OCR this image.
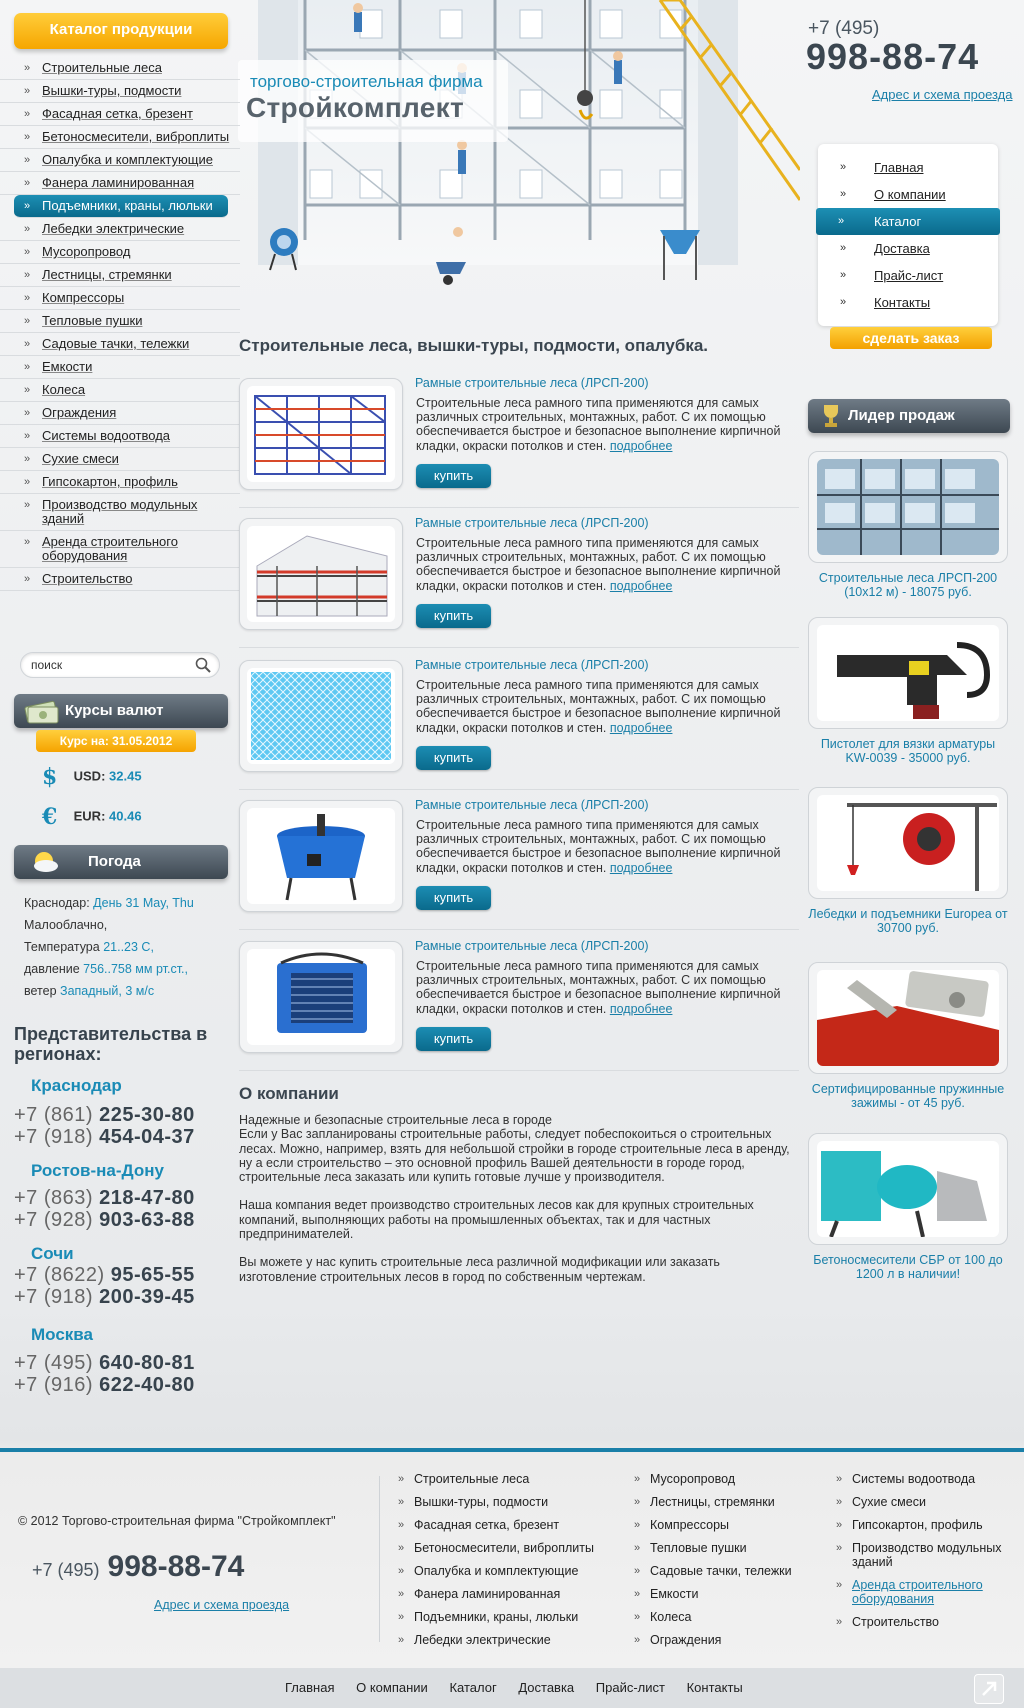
торгово-строительная фирма
Стройкомплект
+7 (495)
998-88-74
Адрес и схема проезда
» Главная
» О компании
» Каталог
» Доставка
» Прайс-лист
» Контакты
сделать заказ
Каталог продукции
» Строительные леса
» Вышки-туры, подмости
» Фасадная сетка, брезент
» Бетоносмесители, виброплиты
» Опалубка и комплектующие
» Фанера ламинированная
» Подъемники, краны, люльки
» Лебедки электрические
» Мусоропровод
» Лестницы, стремянки
» Компрессоры
» Тепловые пушки
» Садовые тачки, тележки
» Емкости
» Колеса
» Ограждения
» Системы водоотвода
» Сухие смеси
» Гипсокартон, профиль
» Производство модульных зданий
» Аренда строительного оборудования
» Строительство
поиск
Курсы валют
Курс на: 31.05.2012
$ USD: 32.45
€ EUR: 40.46
Погода
Краснодар: День 31 May, Thu
Малооблачно,
Температура 21..23 С,
давление 756..758 мм рт.ст.,
ветер Западный, 3 м/с
Представительства в регионах:
Краснодар
+7 (861) 225-30-80
+7 (918) 454-04-37
Ростов-на-Дону
+7 (863) 218-47-80
+7 (928) 903-63-88
Сочи
+7 (8622) 95-65-55
+7 (918) 200-39-45
Москва
+7 (495) 640-80-81
+7 (916) 622-40-80
Строительные леса, вышки-туры, подмости, опалубка.
Рамные строительные леса (ЛРСП-200)
Строительные леса рамного типа применяются для самых различных строительных, монтажных, работ. С их помощью обеспечивается быстрое и безопасное выполнение кирпичной кладки, окраски потолков и стен. подробнее
купить
Рамные строительные леса (ЛРСП-200)
Строительные леса рамного типа применяются для самых различных строительных, монтажных, работ. С их помощью обеспечивается быстрое и безопасное выполнение кирпичной кладки, окраски потолков и стен. подробнее
купить
Рамные строительные леса (ЛРСП-200)
Строительные леса рамного типа применяются для самых различных строительных, монтажных, работ. С их помощью обеспечивается быстрое и безопасное выполнение кирпичной кладки, окраски потолков и стен. подробнее
купить
Рамные строительные леса (ЛРСП-200)
Строительные леса рамного типа применяются для самых различных строительных, монтажных, работ. С их помощью обеспечивается быстрое и безопасное выполнение кирпичной кладки, окраски потолков и стен. подробнее
купить
Рамные строительные леса (ЛРСП-200)
Строительные леса рамного типа применяются для самых различных строительных, монтажных, работ. С их помощью обеспечивается быстрое и безопасное выполнение кирпичной кладки, окраски потолков и стен. подробнее
купить
О компании

Надежные и безопасные строительные леса в городе
Если у Вас запланированы строительные работы, следует побеспокоиться о строительных лесах. Можно, например, взять для небольшой стройки в городе строительные леса в аренду, ну а если строительство – это основной профиль Вашей деятельности в городе город, строительные леса заказать или купить готовые лучше у производителя.

Наша компания ведет производство строительных лесов как для крупных строительных компаний, выполняющих работы на промышленных объектах, так и для частных предпринимателей.

Вы можете у нас купить строительные леса различной модификации или заказать изготовление строительных лесов в город по собственным чертежам.

Лидер продаж
Строительные леса ЛРСП-200 (10х12 м) - 18075 руб.
Пистолет для вязки арматуры KW-0039 - 35000 руб.
Лебедки и подъемники Europea от 30700 руб.
Сертифицированные пружинные зажимы - от 45 руб.
Бетоносмесители СБР от 100 до 1200 л в наличии!
© 2012 Торгово-строительная фирма "Стройкомплект"
+7 (495) 998-88-74
Адрес и схема проезда
» Строительные леса
» Вышки-туры, подмости
» Фасадная сетка, брезент
» Бетоносмесители, виброплиты
» Опалубка и комплектующие
» Фанера ламинированная
» Подъемники, краны, люльки
» Лебедки электрические
» Мусоропровод
» Лестницы, стремянки
» Компрессоры
» Тепловые пушки
» Садовые тачки, тележки
» Емкости
» Колеса
» Ограждения
» Системы водоотвода
» Сухие смеси
» Гипсокартон, профиль
» Производство модульных зданий
» Аренда строительного оборудования
» Строительство
Главная О компании Каталог Доставка Прайс-лист Контакты
